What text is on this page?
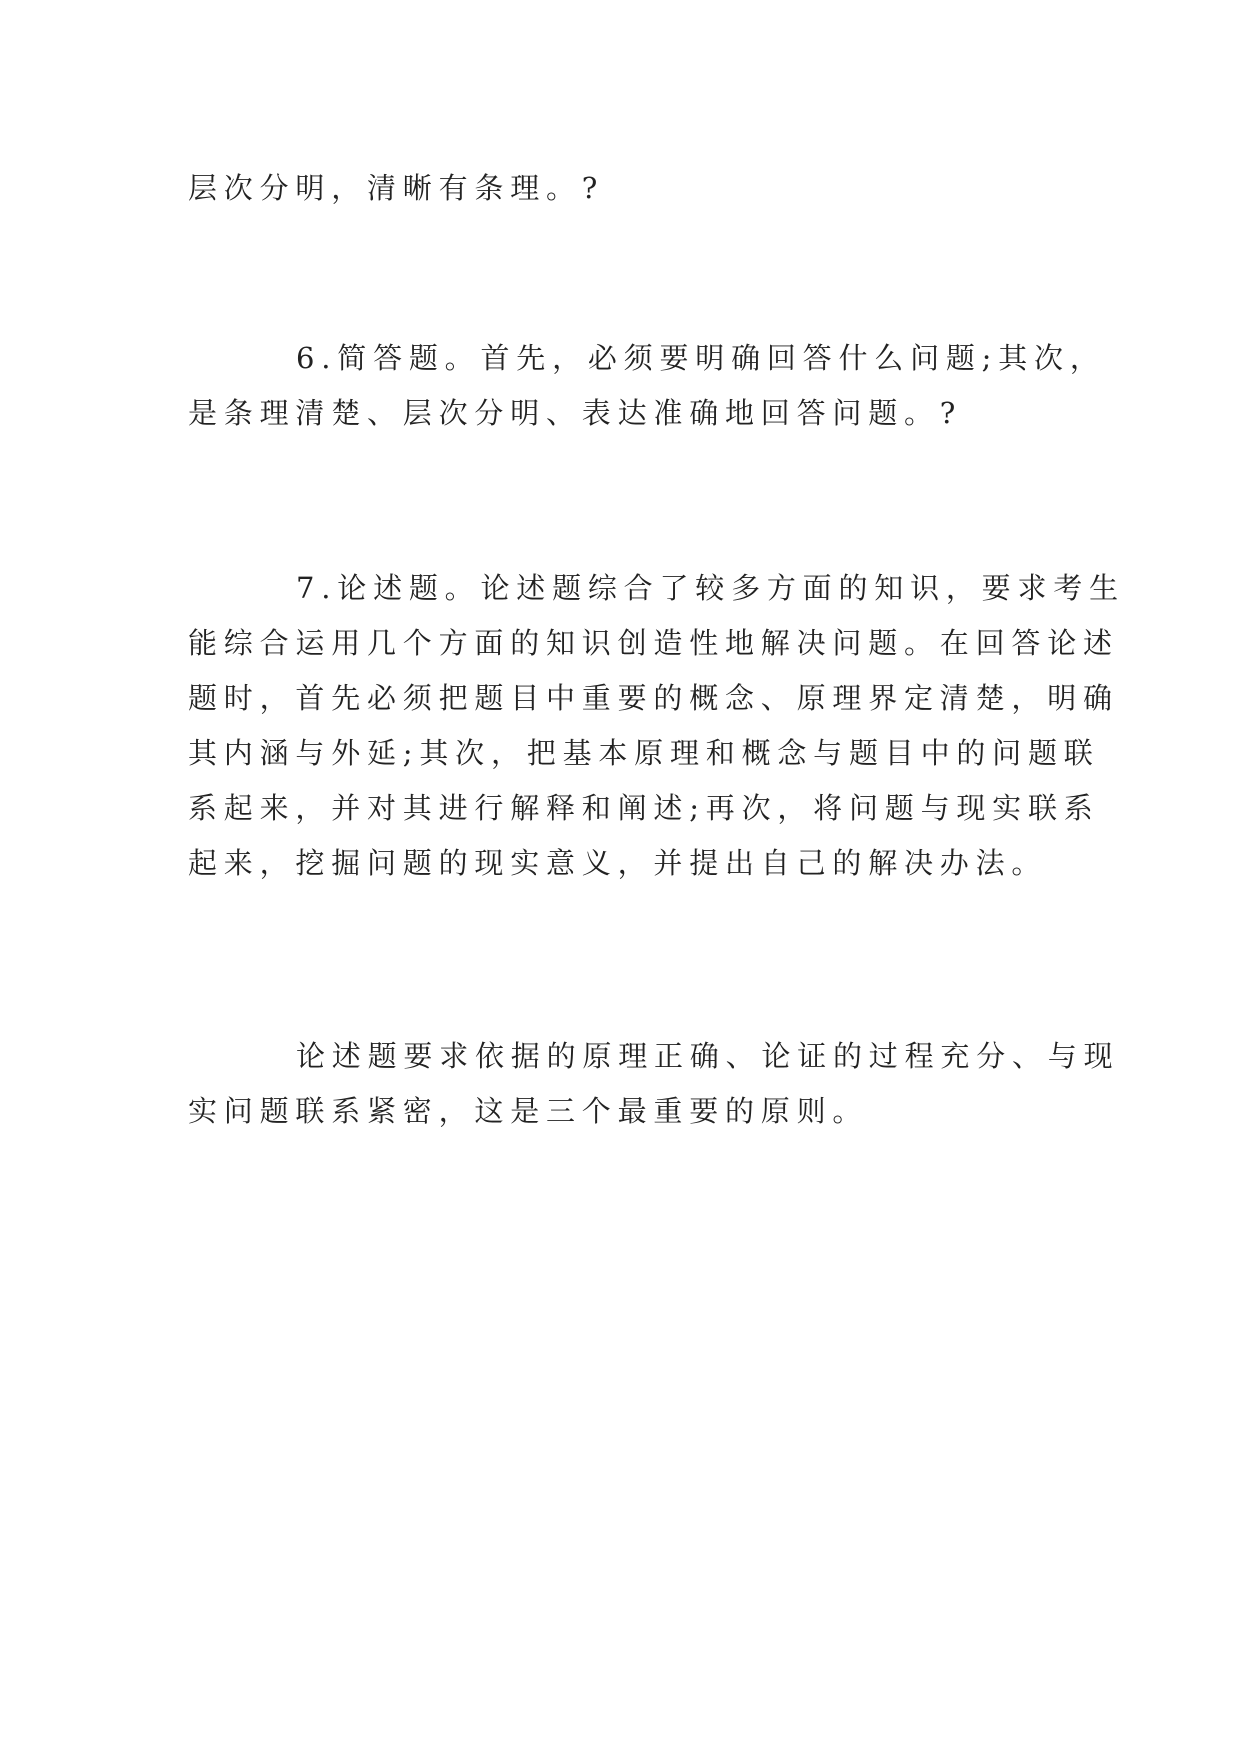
层次分明，清晰有条理。?
6.简答题。首先，必须要明确回答什么问题;其次，
是条理清楚、层次分明、表达准确地回答问题。?
7.论述题。论述题综合了较多方面的知识，要求考生
能综合运用几个方面的知识创造性地解决问题。在回答论述
题时，首先必须把题目中重要的概念、原理界定清楚，明确
其内涵与外延;其次，把基本原理和概念与题目中的问题联
系起来，并对其进行解释和阐述;再次，将问题与现实联系
起来，挖掘问题的现实意义，并提出自己的解决办法。
论述题要求依据的原理正确、论证的过程充分、与现
实问题联系紧密，这是三个最重要的原则。
